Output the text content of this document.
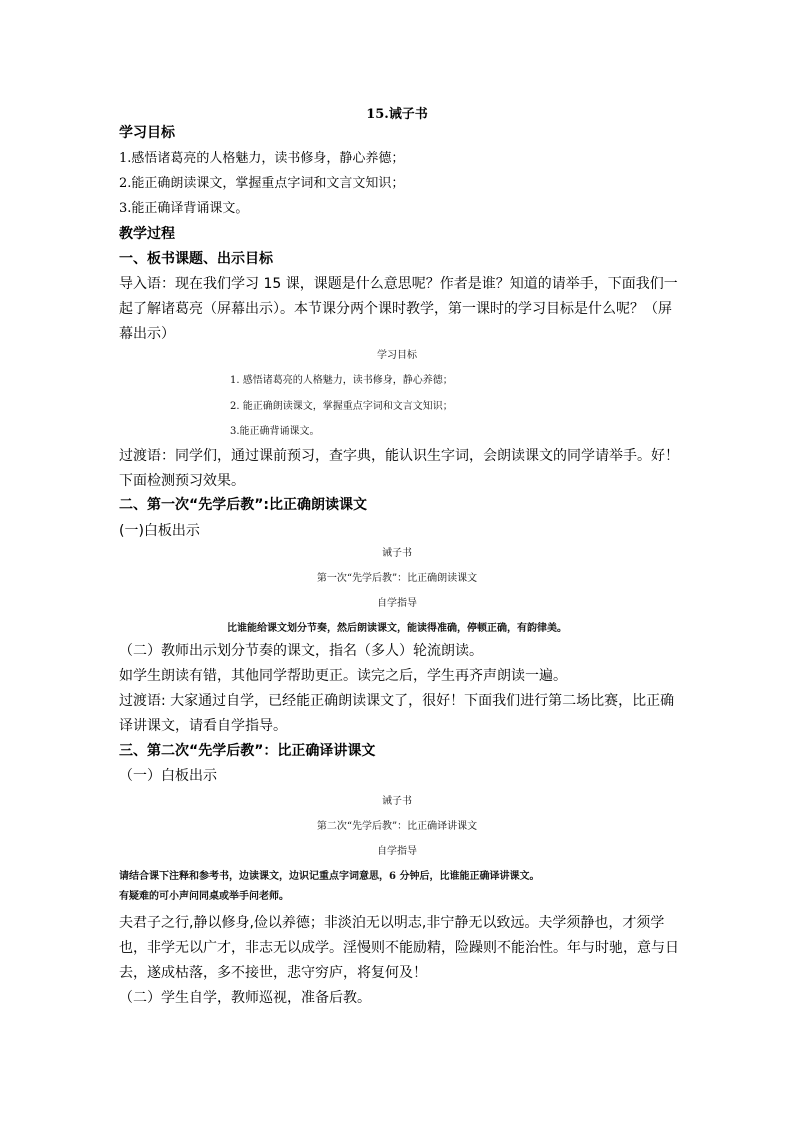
15.诫子书

学习目标

1.感悟诸葛亮的人格魅力，读书修身，静心养德；

2.能正确朗读课文，掌握重点字词和文言文知识；

3.能正确译背诵课文。

教学过程

一、板书课题、出示目标

导入语：现在我们学习 15 课，课题是什么意思呢？作者是谁？知道的请举手，下面我们一

起了解诸葛亮（屏幕出示）。本节课分两个课时教学，第一课时的学习目标是什么呢？（屏

幕出示）

学习目标

1. 感悟诸葛亮的人格魅力，读书修身，静心养德；

2. 能正确朗读课文，掌握重点字词和文言文知识；

3.能正确背诵课文。

过渡语：同学们，通过课前预习，查字典，能认识生字词，会朗读课文的同学请举手。好！

下面检测预习效果。

二、第一次“先学后教”:比正确朗读课文

(一)白板出示

诫子书

第一次“先学后教”：比正确朗读课文

自学指导

比谁能给课文划分节奏，然后朗读课文，能读得准确，停顿正确，有韵律美。

（二）教师出示划分节奏的课文，指名（多人）轮流朗读。

如学生朗读有错，其他同学帮助更正。读完之后，学生再齐声朗读一遍。

过渡语: 大家通过自学，已经能正确朗读课文了，很好！下面我们进行第二场比赛，比正确

译讲课文，请看自学指导。

三、第二次“先学后教”：比正确译讲课文

（一）白板出示

诫子书

第二次“先学后教”：比正确译讲课文

自学指导

请结合课下注释和参考书，边读课文，边识记重点字词意思，6 分钟后，比谁能正确译讲课文。

有疑难的可小声问同桌或举手问老师。

夫君子之行,静以修身,俭以养德；非淡泊无以明志,非宁静无以致远。夫学须静也，才须学

也，非学无以广才，非志无以成学。淫慢则不能励精，险躁则不能治性。年与时驰，意与日

去，遂成枯落，多不接世，悲守穷庐，将复何及！

（二）学生自学，教师巡视，准备后教。
